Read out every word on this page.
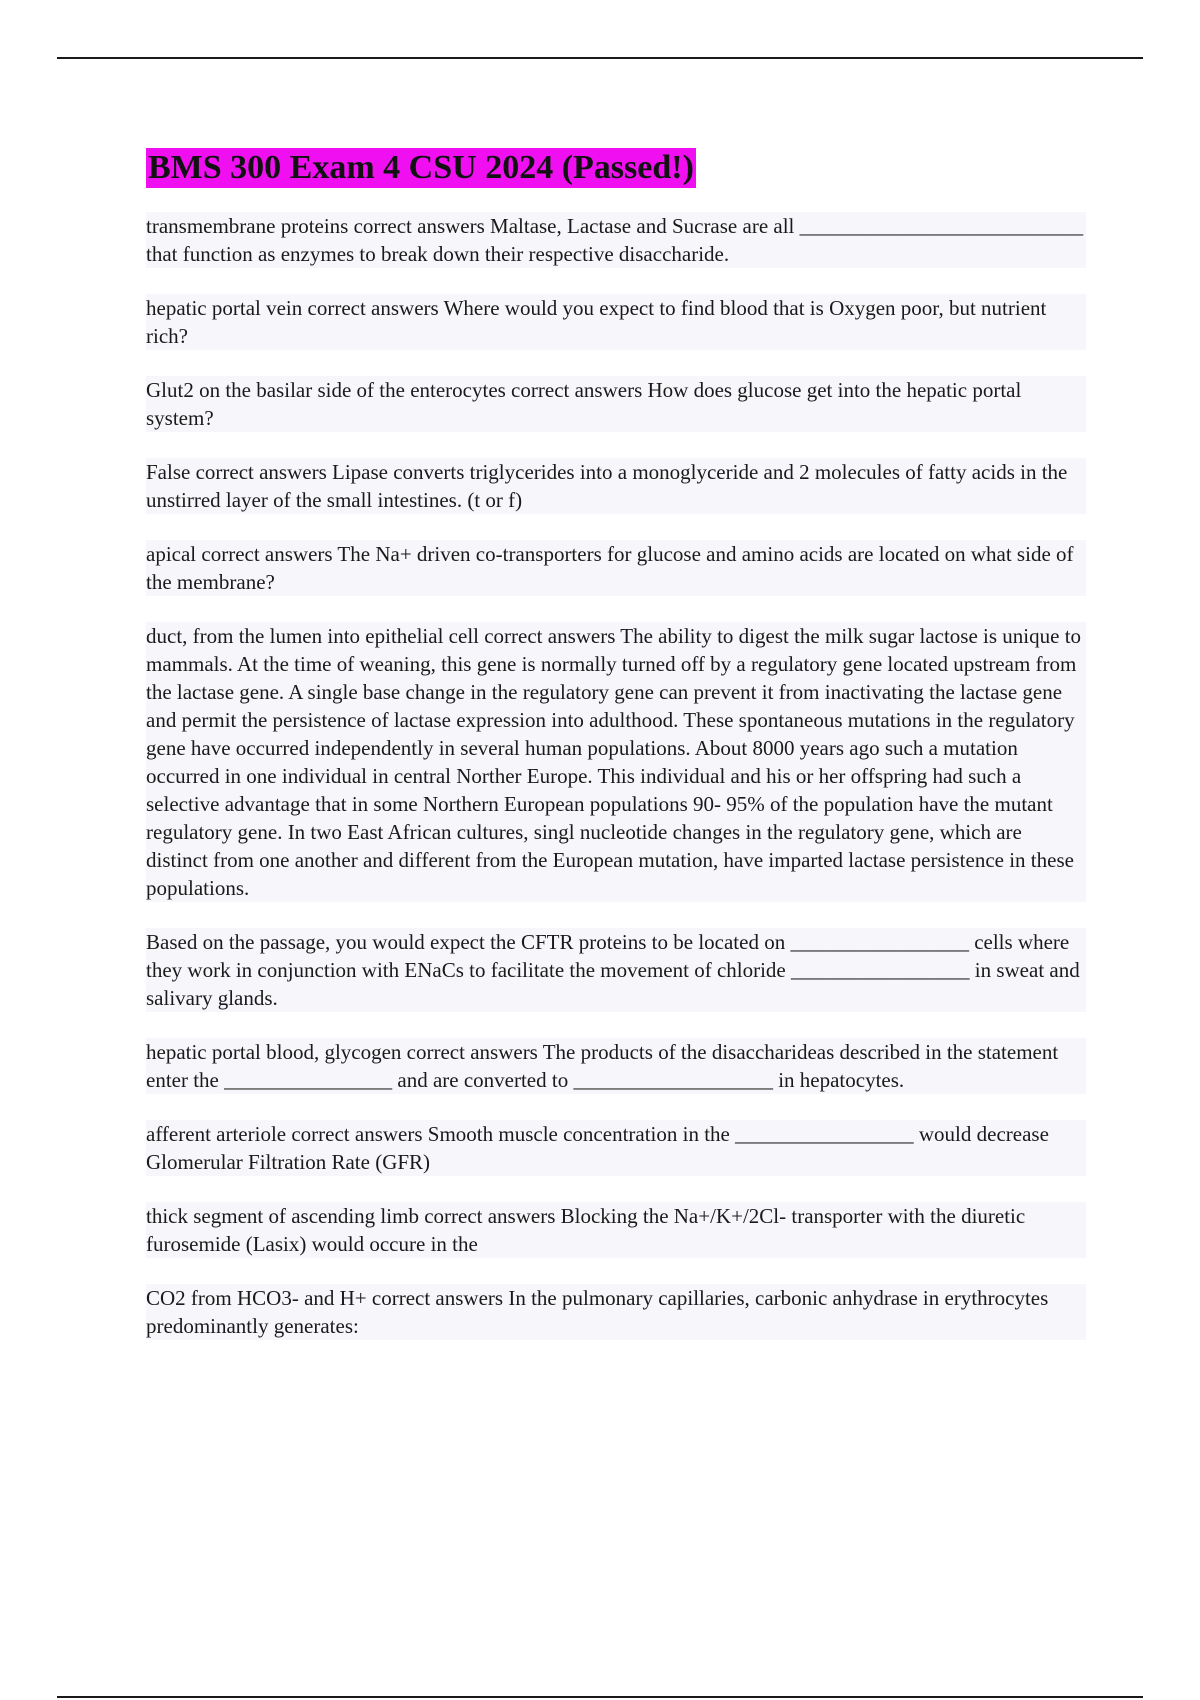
BMS 300 Exam 4 CSU 2024 (Passed!)

transmembrane proteins correct answers Maltase, Lactase and Sucrase are all ___________________________ that function as enzymes to break down their respective disaccharide.

hepatic portal vein correct answers Where would you expect to find blood that is Oxygen poor, but nutrient rich?

Glut2 on the basilar side of the enterocytes correct answers How does glucose get into the hepatic portal system?

False correct answers Lipase converts triglycerides into a monoglyceride and 2 molecules of fatty acids in the unstirred layer of the small intestines. (t or f)

apical correct answers The Na+ driven co-transporters for glucose and amino acids are located on what side of the membrane?

duct, from the lumen into epithelial cell correct answers The ability to digest the milk sugar lactose is unique to mammals. At the time of weaning, this gene is normally turned off by a regulatory gene located upstream from the lactase gene. A single base change in the regulatory gene can prevent it from inactivating the lactase gene and permit the persistence of lactase expression into adulthood. These spontaneous mutations in the regulatory gene have occurred independently in several human populations. About 8000 years ago such a mutation occurred in one individual in central Norther Europe. This individual and his or her offspring had such a selective advantage that in some Northern European populations 90- 95% of the population have the mutant regulatory gene. In two East African cultures, singl nucleotide changes in the regulatory gene, which are distinct from one another and different from the European mutation, have imparted lactase persistence in these populations.

Based on the passage, you would expect the CFTR proteins to be located on _________________ cells where they work in conjunction with ENaCs to facilitate the movement of chloride _________________ in sweat and salivary glands.

hepatic portal blood, glycogen correct answers The products of the disaccharideas described in the statement enter the ________________ and are converted to ___________________ in hepatocytes.

afferent arteriole correct answers Smooth muscle concentration in the _________________ would decrease Glomerular Filtration Rate (GFR)

thick segment of ascending limb correct answers Blocking the Na+/K+/2Cl- transporter with the diuretic furosemide (Lasix) would occure in the

CO2 from HCO3- and H+ correct answers In the pulmonary capillaries, carbonic anhydrase in erythrocytes predominantly generates:
